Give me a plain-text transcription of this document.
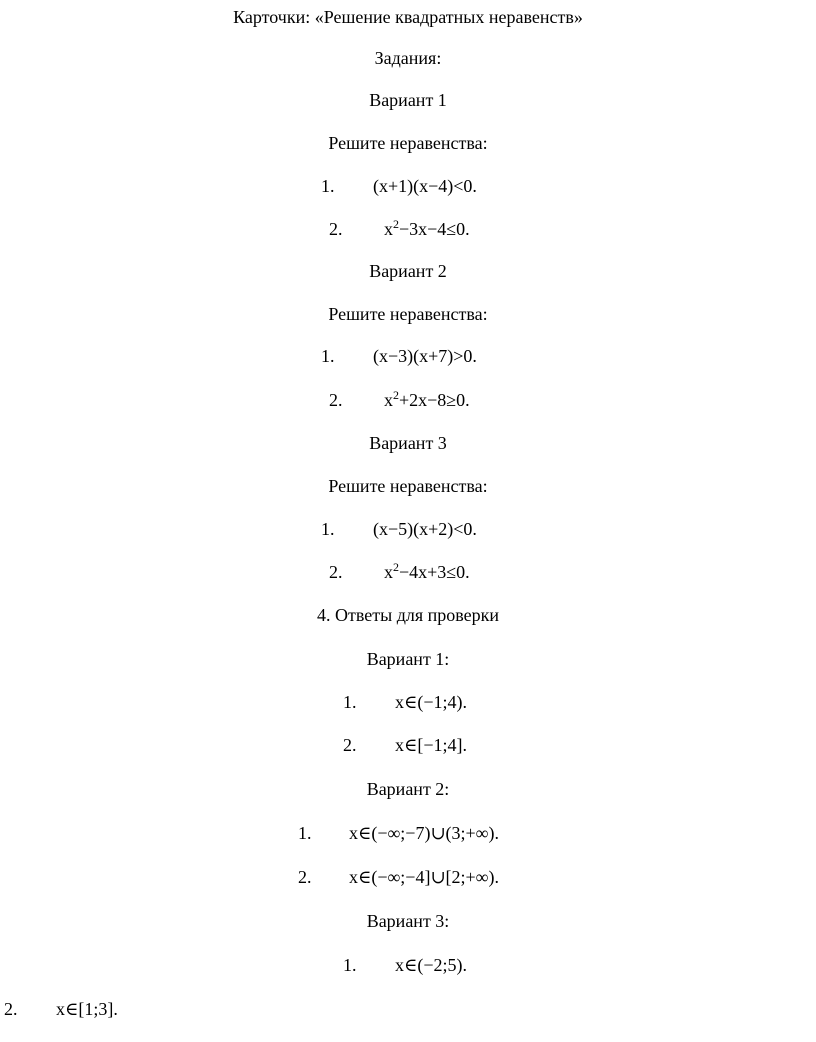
Карточки: «Решение квадратных неравенств»
Задания:
Вариант 1
Решите неравенства:
1. (x+1)(x−4)<0.
2. $x^2-3x-4\le 0$.
Вариант 2
Решите неравенства:
1. (x−3)(x+7)>0.
2. $x^2+2x-8\ge 0$.
Вариант 3
Решите неравенства:
1. (x−5)(x+2)<0.
2. $x^2-4x+3\le 0$.
4. Ответы для проверки
Вариант 1:
1. x∈(−1;4).
2. x∈[−1;4].
Вариант 2:
1. x∈(−∞;−7)∪(3;+∞).
2. x∈(−∞;−4]∪[2;+∞).
Вариант 3:
1. x∈(−2;5).
2. x∈[1;3].
